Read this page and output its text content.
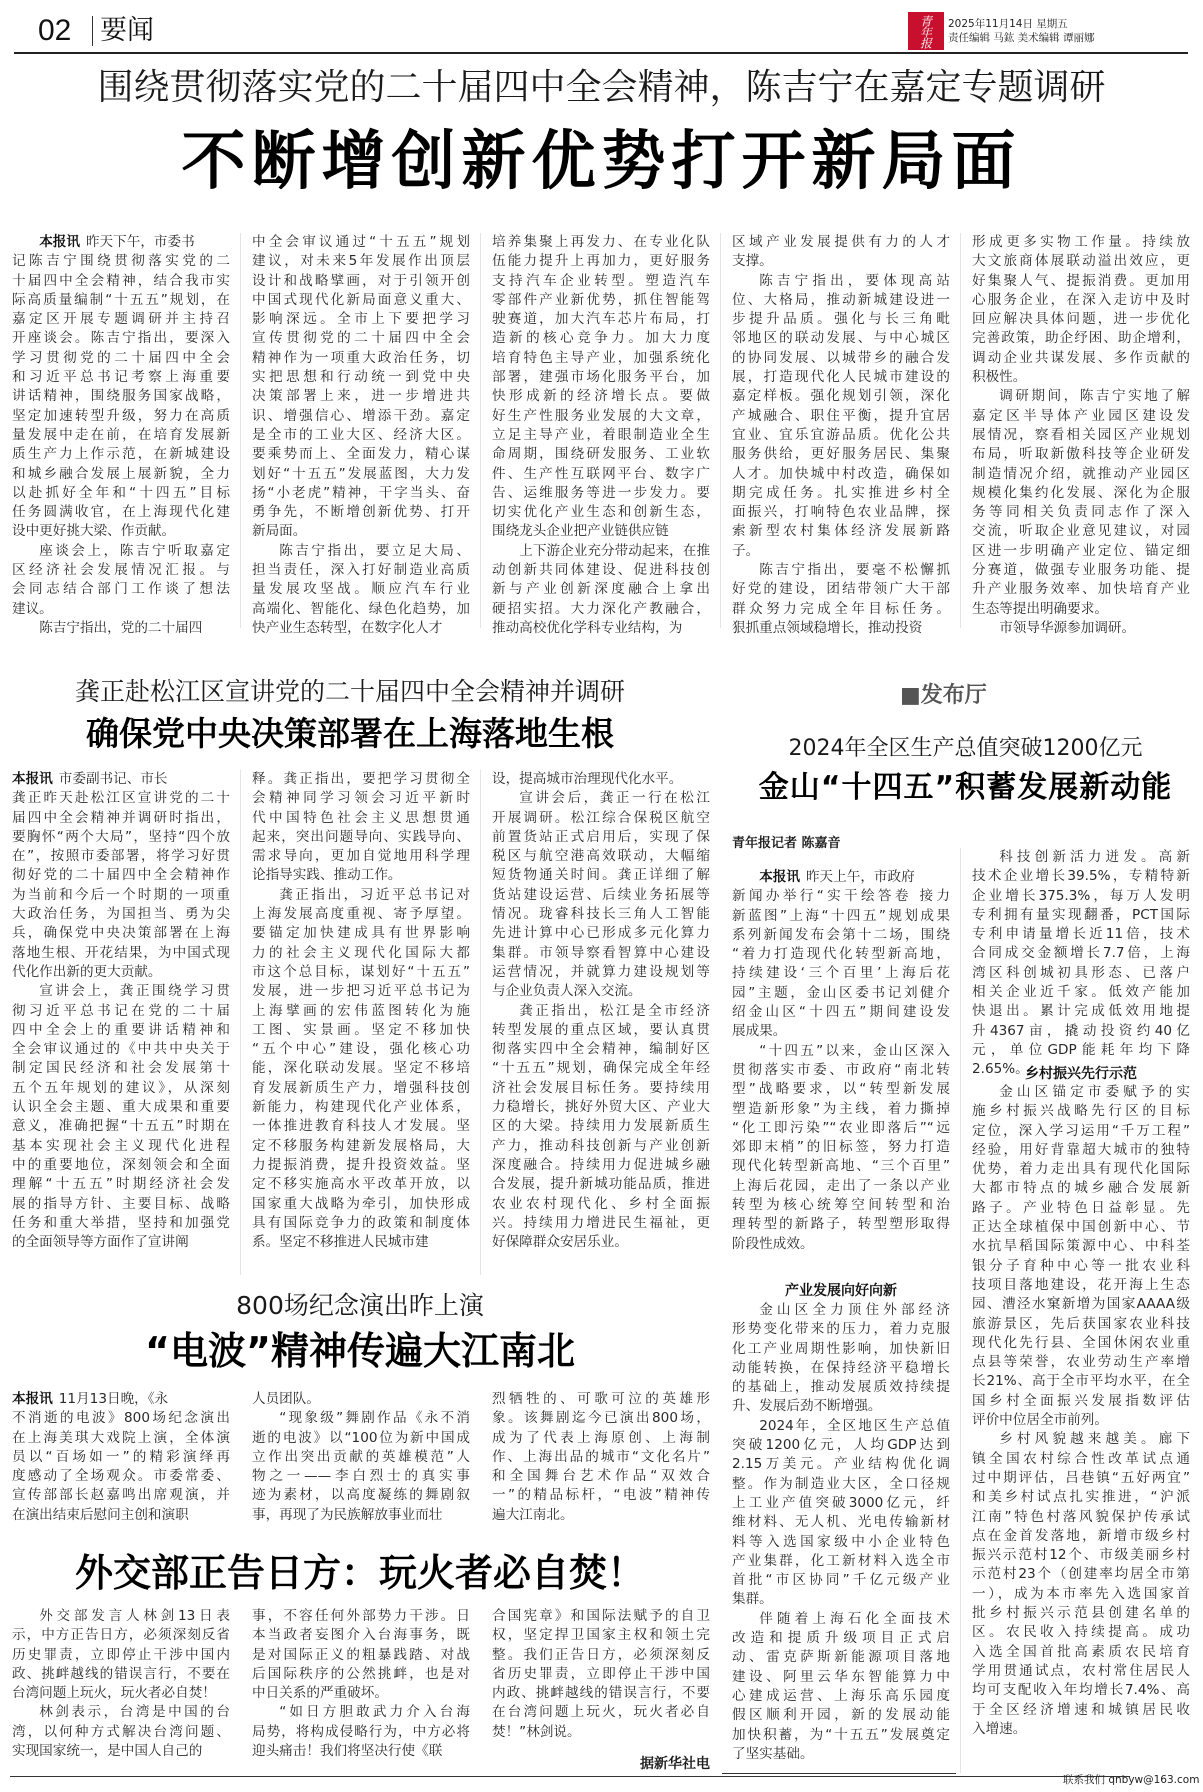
02 要闻	青年报	2025年11月14日 星期五
责任编辑 马鈜 美术编辑 谭丽娜
围绕贯彻落实党的二十届四中全会精神，陈吉宁在嘉定专题调研
不断增创新优势打开新局面
本报讯 昨天下午，市委书
记陈吉宁围绕贯彻落实党的二
十届四中全会精神，结合我市实
际高质量编制“十五五”规划，在
嘉定区开展专题调研并主持召
开座谈会。陈吉宁指出，要深入
学习贯彻党的二十届四中全会
和习近平总书记考察上海重要
讲话精神，围绕服务国家战略，
坚定加速转型升级，努力在高质
量发展中走在前，在培育发展新
质生产力上作示范，在新城建设
和城乡融合发展上展新貌，全力
以赴抓好全年和“十四五”目标
任务圆满收官，在上海现代化建
设中更好挑大梁、作贡献。
座谈会上，陈吉宁听取嘉定
区经济社会发展情况汇报。与
会同志结合部门工作谈了想法
建议。
陈吉宁指出，党的二十届四
中全会审议通过“十五五”规划
建议，对未来5年发展作出顶层
设计和战略擘画，对于引领开创
中国式现代化新局面意义重大、
影响深远。全市上下要把学习
宣传贯彻党的二十届四中全会
精神作为一项重大政治任务，切
实把思想和行动统一到党中央
决策部署上来，进一步增进共
识、增强信心、增添干劲。嘉定
是全市的工业大区、经济大区。
要乘势而上、全面发力，精心谋
划好“十五五”发展蓝图，大力发
扬“小老虎”精神，干字当头、奋
勇争先，不断增创新优势、打开
新局面。
陈吉宁指出，要立足大局、
担当责任，深入打好制造业高质
量发展攻坚战。顺应汽车行业
高端化、智能化、绿色化趋势，加
快产业生态转型，在数字化人才
培养集聚上再发力、在专业化队
伍能力提升上再加力，更好服务
支持汽车企业转型。塑造汽车
零部件产业新优势，抓住智能驾
驶赛道，加大汽车芯片布局，打
造新的核心竞争力。加大力度
培育特色主导产业，加强系统化
部署，建强市场化服务平台，加
快形成新的经济增长点。要做
好生产性服务业发展的大文章，
立足主导产业，着眼制造业全生
命周期，围绕研发服务、工业软
件、生产性互联网平台、数字广
告、运维服务等进一步发力。要
切实优化产业生态和创新生态，
围绕龙头企业把产业链供应链
上下游企业充分带动起来，在推
动创新共同体建设、促进科技创
新与产业创新深度融合上拿出
硬招实招。大力深化产教融合，
推动高校优化学科专业结构，为
区域产业发展提供有力的人才
支撑。
陈吉宁指出，要体现高站
位、大格局，推动新城建设进一
步提升品质。强化与长三角毗
邻地区的联动发展、与中心城区
的协同发展、以城带乡的融合发
展，打造现代化人民城市建设的
嘉定样板。强化规划引领，深化
产城融合、职住平衡，提升宜居
宜业、宜乐宜游品质。优化公共
服务供给，更好服务居民、集聚
人才。加快城中村改造，确保如
期完成任务。扎实推进乡村全
面振兴，打响特色农业品牌，探
索新型农村集体经济发展新路
子。
陈吉宁指出，要毫不松懈抓
好党的建设，团结带领广大干部
群众努力完成全年目标任务。
狠抓重点领域稳增长，推动投资
形成更多实物工作量。持续放
大文旅商体展联动溢出效应，更
好集聚人气、提振消费。更加用
心服务企业，在深入走访中及时
回应解决具体问题，进一步优化
完善政策，助企纾困、助企增利，
调动企业共谋发展、多作贡献的
积极性。
调研期间，陈吉宁实地了解
嘉定区半导体产业园区建设发
展情况，察看相关园区产业规划
布局，听取新傲科技等企业研发
制造情况介绍，就推动产业园区
规模化集约化发展、深化为企服
务等同相关负责同志作了深入
交流，听取企业意见建议，对园
区进一步明确产业定位、锚定细
分赛道，做强专业服务功能、提
升产业服务效率、加快培育产业
生态等提出明确要求。
市领导华源参加调研。
龚正赴松江区宣讲党的二十届四中全会精神并调研
确保党中央决策部署在上海落地生根
本报讯 市委副书记、市长
龚正昨天赴松江区宣讲党的二十
届四中全会精神并调研时指出，
要胸怀“两个大局”，坚持“四个放
在”，按照市委部署，将学习好贯
彻好党的二十届四中全会精神作
为当前和今后一个时期的一项重
大政治任务，为国担当、勇为尖
兵，确保党中央决策部署在上海
落地生根、开花结果，为中国式现
代化作出新的更大贡献。
宣讲会上，龚正围绕学习贯
彻习近平总书记在党的二十届
四中全会上的重要讲话精神和
全会审议通过的《中共中央关于
制定国民经济和社会发展第十
五个五年规划的建议》，从深刻
认识全会主题、重大成果和重要
意义，准确把握“十五五”时期在
基本实现社会主义现代化进程
中的重要地位，深刻领会和全面
理解“十五五”时期经济社会发
展的指导方针、主要目标、战略
任务和重大举措，坚持和加强党
的全面领导等方面作了宣讲阐
释。龚正指出，要把学习贯彻全
会精神同学习领会习近平新时
代中国特色社会主义思想贯通
起来，突出问题导向、实践导向、
需求导向，更加自觉地用科学理
论指导实践、推动工作。
龚正指出，习近平总书记对
上海发展高度重视、寄予厚望。
要锚定加快建成具有世界影响
力的社会主义现代化国际大都
市这个总目标，谋划好“十五五”
发展，进一步把习近平总书记为
上海擘画的宏伟蓝图转化为施
工图、实景画。坚定不移加快
“五个中心”建设，强化核心功
能，深化联动发展。坚定不移培
育发展新质生产力，增强科技创
新能力，构建现代化产业体系，
一体推进教育科技人才发展。坚
定不移服务构建新发展格局，大
力提振消费，提升投资效益。坚
定不移实施高水平改革开放，以
国家重大战略为牵引，加快形成
具有国际竞争力的政策和制度体
系。坚定不移推进人民城市建
设，提高城市治理现代化水平。
宣讲会后，龚正一行在松江
开展调研。松江综合保税区航空
前置货站正式启用后，实现了保
税区与航空港高效联动，大幅缩
短货物通关时间。龚正详细了解
货站建设运营、后续业务拓展等
情况。珑睿科技长三角人工智能
先进计算中心已形成多元化算力
集群。市领导察看智算中心建设
运营情况，并就算力建设规划等
与企业负责人深入交流。
龚正指出，松江是全市经济
转型发展的重点区域，要认真贯
彻落实四中全会精神，编制好区
“十五五”规划，确保完成全年经
济社会发展目标任务。要持续用
力稳增长，挑好外贸大区、产业大
区的大梁。持续用力发展新质生
产力，推动科技创新与产业创新
深度融合。持续用力促进城乡融
合发展，提升新城功能品质，推进
农业农村现代化、乡村全面振
兴。持续用力增进民生福祉，更
好保障群众安居乐业。
800场纪念演出昨上演
“电波”精神传遍大江南北
本报讯 11月13日晚，《永
不消逝的电波》800场纪念演出
在上海美琪大戏院上演，全体演
员以“百场如一”的精彩演绎再
度感动了全场观众。市委常委、
宣传部部长赵嘉鸣出席观演，并
在演出结束后慰问主创和演职
人员团队。
“现象级”舞剧作品《永不消
逝的电波》以“100位为新中国成
立作出突出贡献的英雄模范”人
物之一——李白烈士的真实事
迹为素材，以高度凝练的舞剧叙
事，再现了为民族解放事业而壮
烈牺牲的、可歌可泣的英雄形
象。该舞剧迄今已演出800场，
成为了代表上海原创、上海制
作、上海出品的城市“文化名片”
和全国舞台艺术作品“双效合
一”的精品标杆，“电波”精神传
遍大江南北。
外交部正告日方：玩火者必自焚！
外交部发言人林剑13日表
示，中方正告日方，必须深刻反省
历史罪责，立即停止干涉中国内
政、挑衅越线的错误言行，不要在
台湾问题上玩火，玩火者必自焚！
林剑表示，台湾是中国的台
湾，以何种方式解决台湾问题、
实现国家统一，是中国人自己的
事，不容任何外部势力干涉。日
本当政者妄图介入台海事务，既
是对国际正义的粗暴践踏、对战
后国际秩序的公然挑衅，也是对
中日关系的严重破坏。
“如日方胆敢武力介入台海
局势，将构成侵略行为，中方必将
迎头痛击！我们将坚决行使《联
合国宪章》和国际法赋予的自卫
权，坚定捍卫国家主权和领土完
整。我们正告日方，必须深刻反
省历史罪责，立即停止干涉中国
内政、挑衅越线的错误言行，不要
在台湾问题上玩火，玩火者必自
焚！”林剑说。
据新华社电
■发布厅
2024年全区生产总值突破1200亿元
金山“十四五”积蓄发展新动能
青年报记者 陈嘉音
本报讯 昨天上午，市政府
新闻办举行“实干绘答卷 接力
新蓝图”上海“十四五”规划成果
系列新闻发布会第十二场，围绕
“着力打造现代化转型新高地，
持续建设‘三个百里’上海后花
园”主题，金山区委书记刘健介
绍金山区“十四五”期间建设发
展成果。
“十四五”以来，金山区深入
贯彻落实市委、市政府“南北转
型”战略要求，以“转型新发展
塑造新形象”为主线，着力撕掉
“化工即污染”“农业即落后”“远
郊即末梢”的旧标签，努力打造
现代化转型新高地、“三个百里”
上海后花园，走出了一条以产业
转型为核心统筹空间转型和治
理转型的新路子，转型塑形取得
阶段性成效。
金山区全力顶住外部经济
形势变化带来的压力，着力克服
化工产业周期性影响，加快新旧
动能转换，在保持经济平稳增长
的基础上，推动发展质效持续提
升、发展后劲不断增强。
2024年，全区地区生产总值
突破1200亿元，人均GDP达到
2.15万美元。产业结构优化调
整。作为制造业大区，全口径规
上工业产值突破3000亿元，纤
维材料、无人机、光电传输新材
料等入选国家级中小企业特色
产业集群，化工新材料入选全市
首批“市区协同”千亿元级产业
集群。
伴随着上海石化全面技术
改造和提质升级项目正式启
动、雷克萨斯新能源项目落地
建设、阿里云华东智能算力中
心建成运营、上海乐高乐园度
假区顺利开园，新的发展动能
加快积蓄，为“十五五”发展奠定
了坚实基础。
科技创新活力迸发。高新
技术企业增长39.5%，专精特新
企业增长375.3%，每万人发明
专利拥有量实现翻番，PCT国际
专利申请量增长近11倍，技术
合同成交金额增长7.7倍，上海
湾区科创城初具形态、已落户
相关企业近千家。低效产能加
快退出。累计完成低效用地提
升4367亩，撬动投资约40亿
元，单位GDP能耗年均下降
2.65%。
金山区锚定市委赋予的实
施乡村振兴战略先行区的目标
定位，深入学习运用“千万工程”
经验，用好背靠超大城市的独特
优势，着力走出具有现代化国际
大都市特点的城乡融合发展新
路子。产业特色日益彰显。先
正达全球植保中国创新中心、节
水抗旱稻国际策源中心、中科荃
银分子育种中心等一批农业科
技项目落地建设，花开海上生态
园、漕泾水窠新增为国家AAAA级
旅游景区，先后获国家农业科技
现代化先行县、全国休闲农业重
点县等荣誉，农业劳动生产率增
长21%、高于全市平均水平，在全
国乡村全面振兴发展指数评估
评价中位居全市前列。
乡村风貌越来越美。廊下
镇全国农村综合性改革试点通
过中期评估，吕巷镇“五好两宜”
和美乡村试点扎实推进，“沪派
江南”特色村落风貌保护传承试
点在金首发落地，新增市级乡村
振兴示范村12个、市级美丽乡村
示范村23个（创建率均居全市第
一），成为本市率先入选国家首
批乡村振兴示范县创建名单的
区。农民收入持续提高。成功
入选全国首批高素质农民培育
学用贯通试点，农村常住居民人
均可支配收入年均增长7.4%、高
于全区经济增速和城镇居民收
入增速。
产业发展向好向新
乡村振兴先行示范
联系我们 qnbyw@163.com
